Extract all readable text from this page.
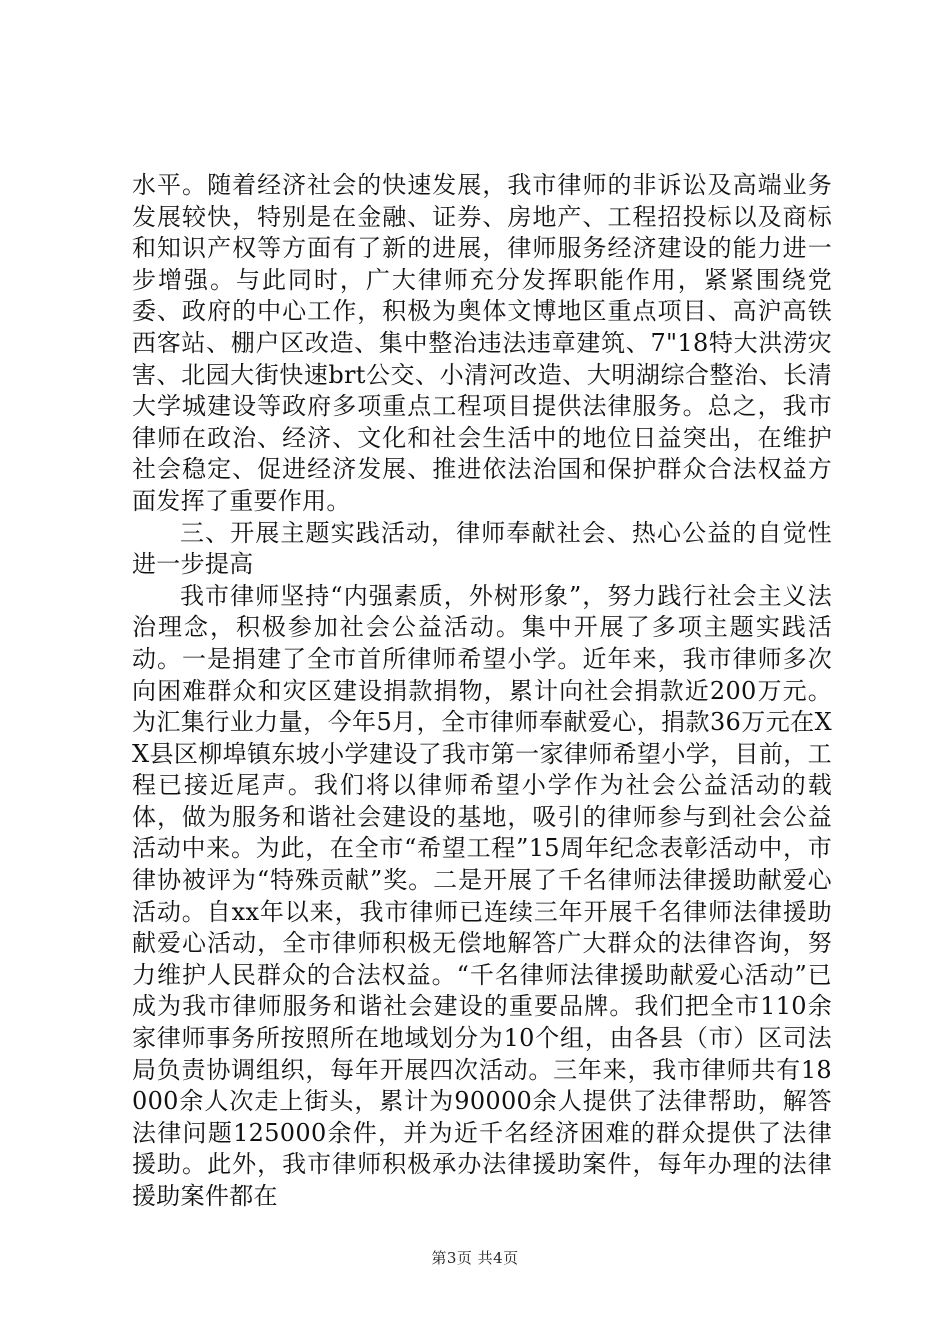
水平。随着经济社会的快速发展，我市律师的非诉讼及高端业务发展较快，特别是在金融、证券、房地产、工程招投标以及商标和知识产权等方面有了新的进展，律师服务经济建设的能力进一步增强。与此同时，广大律师充分发挥职能作用，紧紧围绕党委、政府的中心工作，积极为奥体文博地区重点项目、高沪高铁西客站、棚户区改造、集中整治违法违章建筑、7"18特大洪涝灾害、北园大街快速brt公交、小清河改造、大明湖综合整治、长清大学城建设等政府多项重点工程项目提供法律服务。总之，我市律师在政治、经济、文化和社会生活中的地位日益突出，在维护社会稳定、促进经济发展、推进依法治国和保护群众合法权益方面发挥了重要作用。

三、开展主题实践活动，律师奉献社会、热心公益的自觉性进一步提高

我市律师坚持“内强素质，外树形象”，努力践行社会主义法治理念，积极参加社会公益活动。集中开展了多项主题实践活动。一是捐建了全市首所律师希望小学。近年来，我市律师多次向困难群众和灾区建设捐款捐物，累计向社会捐款近200万元。为汇集行业力量，今年5月，全市律师奉献爱心，捐款36万元在XX县区柳埠镇东坡小学建设了我市第一家律师希望小学，目前，工程已接近尾声。我们将以律师希望小学作为社会公益活动的载体，做为服务和谐社会建设的基地，吸引的律师参与到社会公益活动中来。为此，在全市“希望工程”15周年纪念表彰活动中，市律协被评为“特殊贡献”奖。二是开展了千名律师法律援助献爱心活动。自xx年以来，我市律师已连续三年开展千名律师法律援助献爱心活动，全市律师积极无偿地解答广大群众的法律咨询，努力维护人民群众的合法权益。“千名律师法律援助献爱心活动”已成为我市律师服务和谐社会建设的重要品牌。我们把全市110余家律师事务所按照所在地域划分为10个组，由各县（市）区司法局负责协调组织，每年开展四次活动。三年来，我市律师共有18000余人次走上街头，累计为90000余人提供了法律帮助，解答法律问题125000余件，并为近千名经济困难的群众提供了法律援助。此外，我市律师积极承办法律援助案件，每年办理的法律援助案件都在

第3页 共4页
